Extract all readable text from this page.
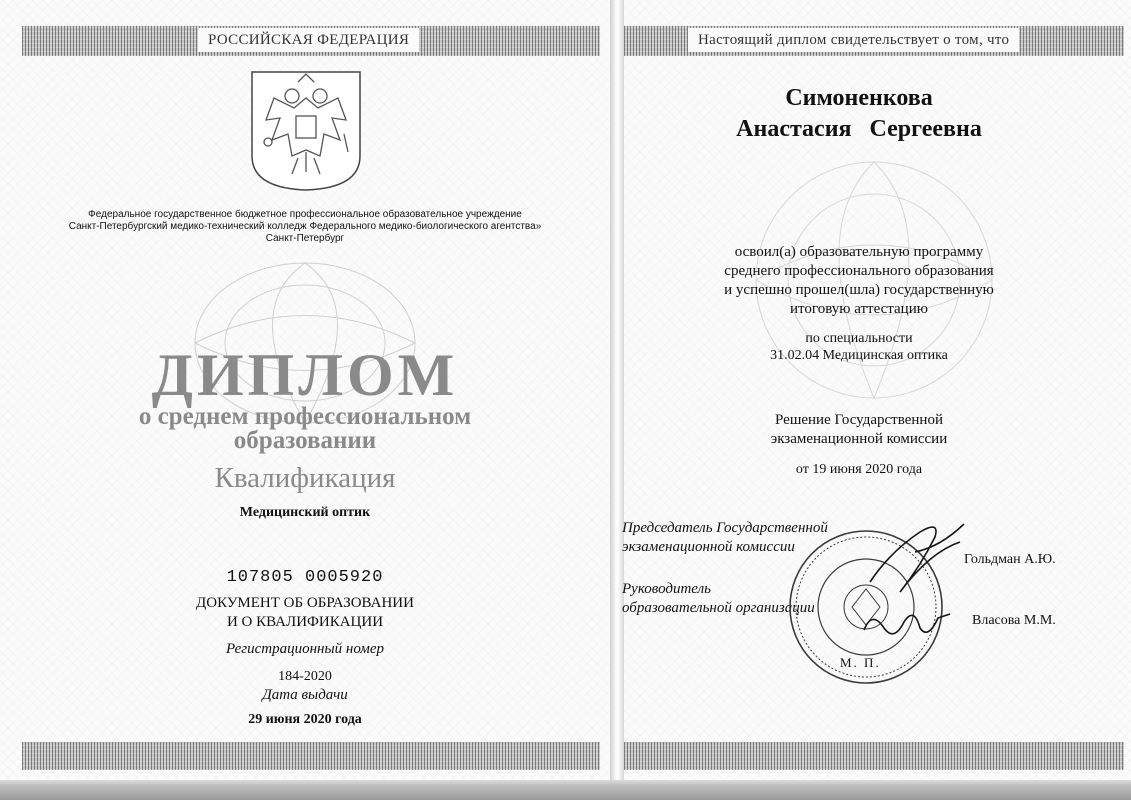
РОССИЙСКАЯ ФЕДЕРАЦИЯ
Федеральное государственное бюджетное профессиональное образовательное учреждение
Санкт-Петербургский медико-технический колледж Федерального медико-биологического агентства»
Санкт-Петербург
ДИПЛОМ
о среднем профессиональном
образовании
Квалификация
Медицинский оптик
107805 0005920
ДОКУМЕНТ ОБ ОБРАЗОВАНИИ
И О КВАЛИФИКАЦИИ
Регистрационный номер
184-2020
Дата выдачи
29 июня 2020 года
Настоящий диплом свидетельствует о том, что
Симоненкова
Анастасия   Сергеевна
освоил(а) образовательную программу
среднего профессионального образования
и успешно прошел(шла) государственную
итоговую аттестацию
по специальности
31.02.04 Медицинская оптика
Решение Государственной
экзаменационной комиссии
от 19 июня 2020 года
Председатель Государственной
экзаменационной комиссии
Гольдман А.Ю.
Руководитель
образовательной организации
Власова М.М.
М. П.
